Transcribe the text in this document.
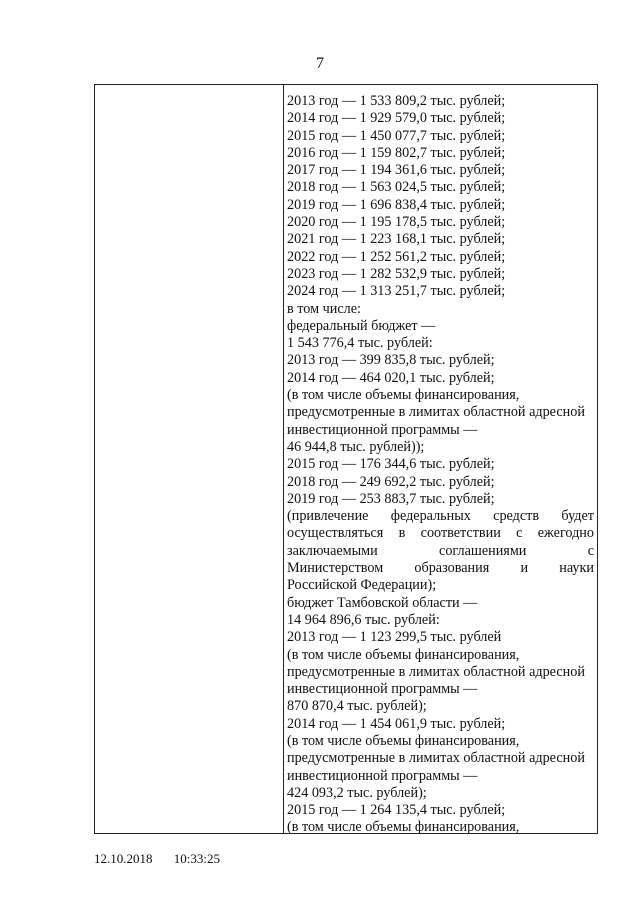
7
2013 год — 1 533 809,2 тыс. рублей;
2014 год — 1 929 579,0 тыс. рублей;
2015 год — 1 450 077,7 тыс. рублей;
2016 год — 1 159 802,7 тыс. рублей;
2017 год — 1 194 361,6 тыс. рублей;
2018 год — 1 563 024,5 тыс. рублей;
2019 год — 1 696 838,4 тыс. рублей;
2020 год — 1 195 178,5 тыс. рублей;
2021 год — 1 223 168,1 тыс. рублей;
2022 год — 1 252 561,2 тыс. рублей;
2023 год — 1 282 532,9 тыс. рублей;
2024 год — 1 313 251,7 тыс. рублей;
в том числе:
федеральный бюджет —
1 543 776,4 тыс. рублей:
2013 год — 399 835,8 тыс. рублей;
2014 год — 464 020,1 тыс. рублей;
(в том числе объемы финансирования,
предусмотренные в лимитах областной адресной
инвестиционной программы —
46 944,8 тыс. рублей));
2015 год — 176 344,6 тыс. рублей;
2018 год — 249 692,2 тыс. рублей;
2019 год — 253 883,7 тыс. рублей;
(привлечение федеральных средств будет
осуществляться в соответствии с ежегодно
заключаемыми соглашениями с
Министерством образования и науки
Российской Федерации);
бюджет Тамбовской области —
14 964 896,6 тыс. рублей:
2013 год — 1 123 299,5 тыс. рублей
(в том числе объемы финансирования,
предусмотренные в лимитах областной адресной
инвестиционной программы —
870 870,4 тыс. рублей);
2014 год — 1 454 061,9 тыс. рублей;
(в том числе объемы финансирования,
предусмотренные в лимитах областной адресной
инвестиционной программы —
424 093,2 тыс. рублей);
2015 год — 1 264 135,4 тыс. рублей;
(в том числе объемы финансирования,
12.10.2018 10:33:25
